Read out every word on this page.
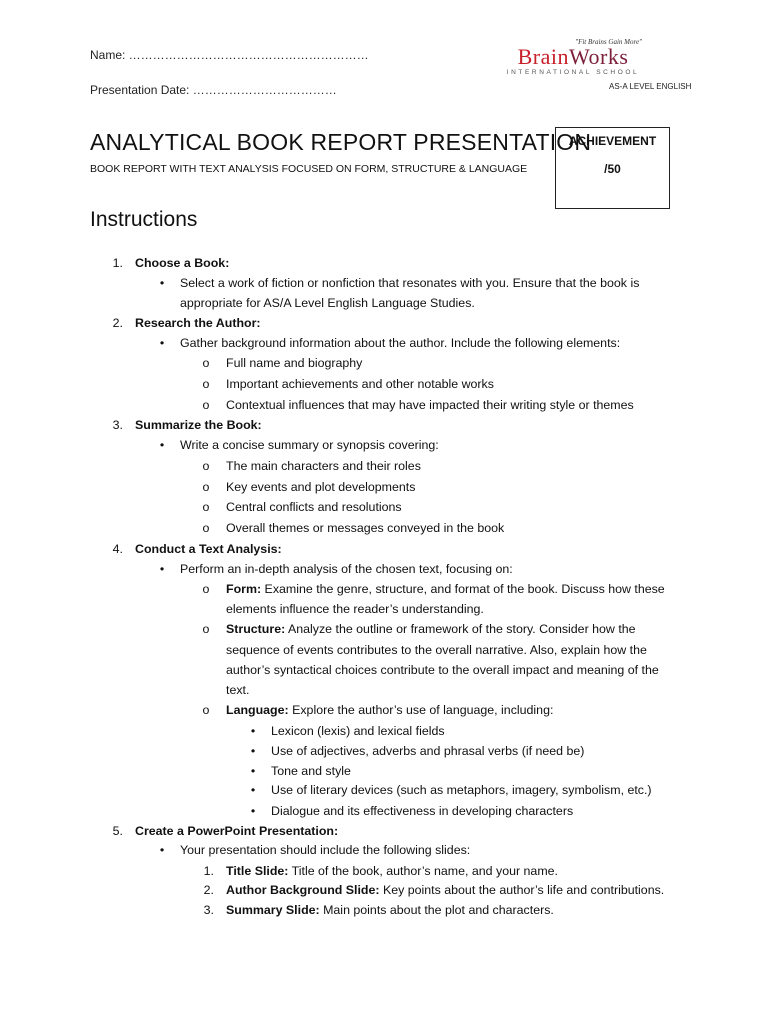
Name: ……………………………………………………
Presentation Date: ………………………………
"Fit Brains Gain More"
BrainWorks
INTERNATIONAL SCHOOL
AS-A LEVEL ENGLISH
ANALYTICAL BOOK REPORT PRESENTATION
BOOK REPORT WITH TEXT ANALYSIS FOCUSED ON FORM, STRUCTURE & LANGUAGE
ACHIEVEMENT
/50
Instructions
1. Choose a Book:
• Select a work of fiction or nonfiction that resonates with you. Ensure that the book is
appropriate for AS/A Level English Language Studies.
2. Research the Author:
• Gather background information about the author. Include the following elements:
o Full name and biography
o Important achievements and other notable works
o Contextual influences that may have impacted their writing style or themes
3. Summarize the Book:
• Write a concise summary or synopsis covering:
o The main characters and their roles
o Key events and plot developments
o Central conflicts and resolutions
o Overall themes or messages conveyed in the book
4. Conduct a Text Analysis:
• Perform an in-depth analysis of the chosen text, focusing on:
o Form: Examine the genre, structure, and format of the book. Discuss how these
elements influence the reader’s understanding.
o Structure: Analyze the outline or framework of the story. Consider how the
sequence of events contributes to the overall narrative. Also, explain how the
author’s syntactical choices contribute to the overall impact and meaning of the
text.
o Language: Explore the author’s use of language, including:
• Lexicon (lexis) and lexical fields
• Use of adjectives, adverbs and phrasal verbs (if need be)
• Tone and style
• Use of literary devices (such as metaphors, imagery, symbolism, etc.)
• Dialogue and its effectiveness in developing characters
5. Create a PowerPoint Presentation:
• Your presentation should include the following slides:
1. Title Slide: Title of the book, author’s name, and your name.
2. Author Background Slide: Key points about the author’s life and contributions.
3. Summary Slide: Main points about the plot and characters.
